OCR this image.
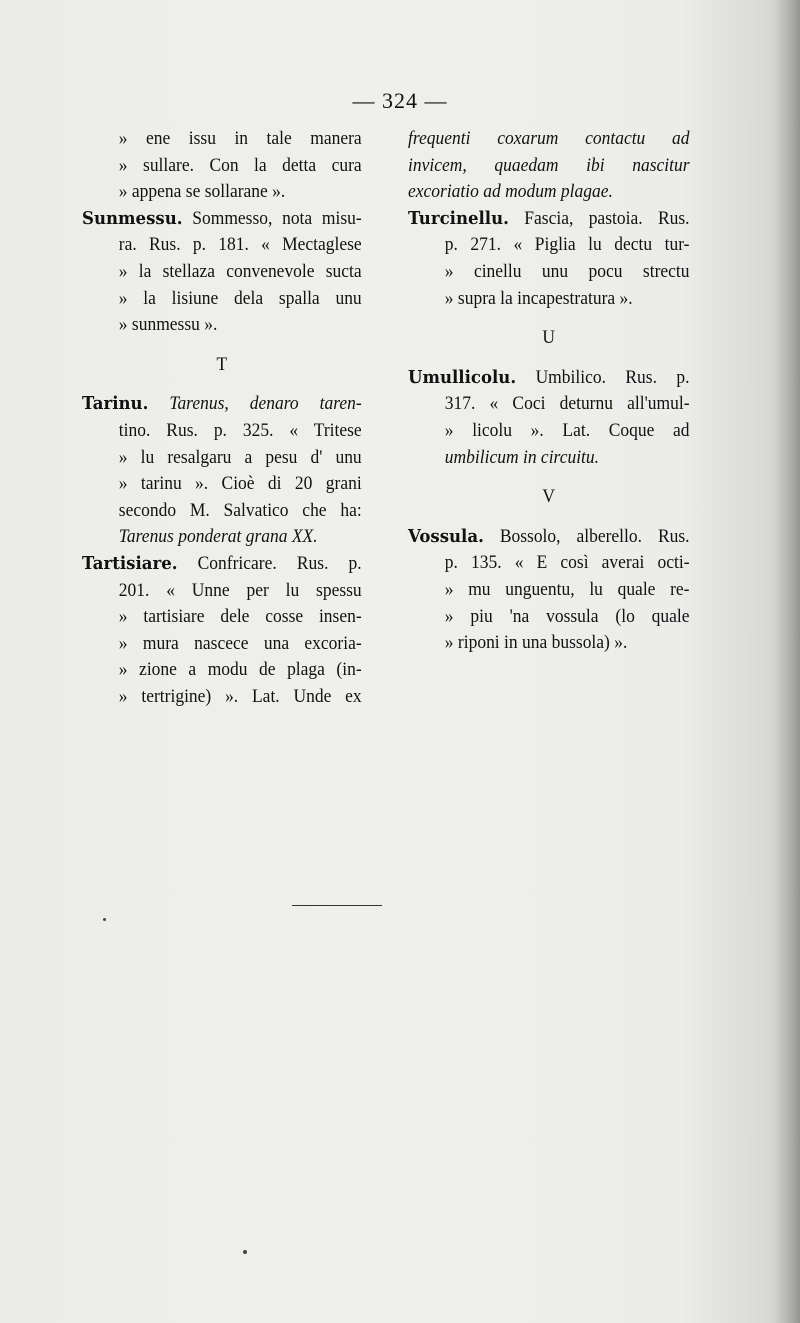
— 324 —
» ene issu in tale manera
» sullare. Con la detta cura
» appena se sollarane ».
Sunmessu. Sommesso, nota misu-
ra. Rus. p. 181. « Mectaglese
» la stellaza convenevole sucta
» la lisiune dela spalla unu
» sunmessu ».
T
Tarinu. Tarenus, denaro taren-
tino. Rus. p. 325. « Tritese
» lu resalgaru a pesu d' unu
» tarinu ». Cioè di 20 grani
secondo M. Salvatico che ha:
Tarenus ponderat grana XX.
Tartisiare. Confricare. Rus. p.
201. « Unne per lu spessu
» tartisiare dele cosse insen-
» mura nascece una excoria-
» zione a modu de plaga (in-
» tertrigine) ». Lat. Unde ex
frequenti coxarum contactu ad
invicem, quaedam ibi nascitur
excoriatio ad modum plagae.
Turcinellu. Fascia, pastoia. Rus.
p. 271. « Piglia lu dectu tur-
» cinellu unu pocu strectu
» supra la incapestratura ».
U
Umullicolu. Umbilico. Rus. p.
317. « Coci deturnu all'umul-
» licolu ». Lat. Coque ad
umbilicum in circuitu.
V
Vossula. Bossolo, alberello. Rus.
p. 135. « E così averai octi-
» mu unguentu, lu quale re-
» piu 'na vossula (lo quale
» riponi in una bussola) ».
